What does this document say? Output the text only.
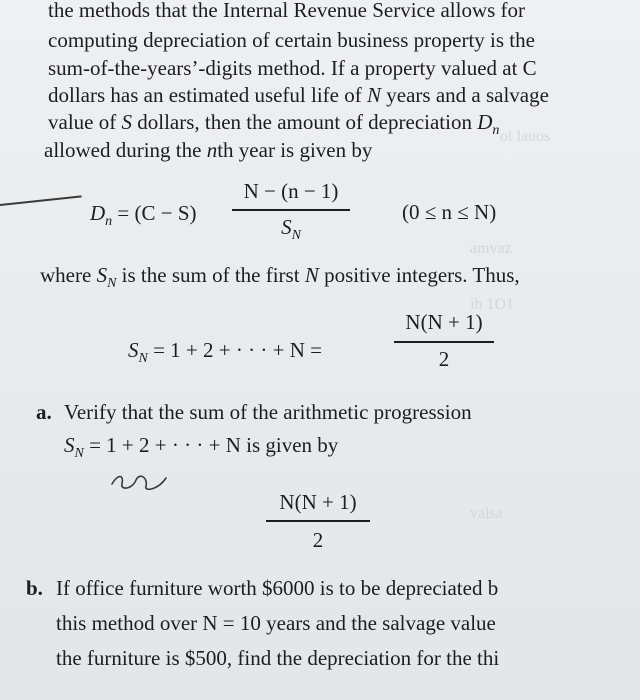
oi lauos
amvaz
ib 1O1
vaisa
the methods that the Internal Revenue Service allows for
computing depreciation of certain business property is the
sum-of-the-years’-digits method. If a property valued at C
dollars has an estimated useful life of N years and a salvage
value of S dollars, then the amount of depreciation $D_n$
allowed during the nth year is given by
$D_n = (C - S)$
N − (n − 1)
$S_N$
(0 ≤ n ≤ N)
where $S_N$ is the sum of the first N positive integers. Thus,
$S_N = 1 + 2$ + · · · + N =
N(N + 1)
2
a. Verify that the sum of the arithmetic progression
$S_N = 1 + 2$ + · · · + N is given by
N(N + 1)
2
b. If office furniture worth $6000 is to be depreciated b
this method over N = 10 years and the salvage value
the furniture is $500, find the depreciation for the thi
